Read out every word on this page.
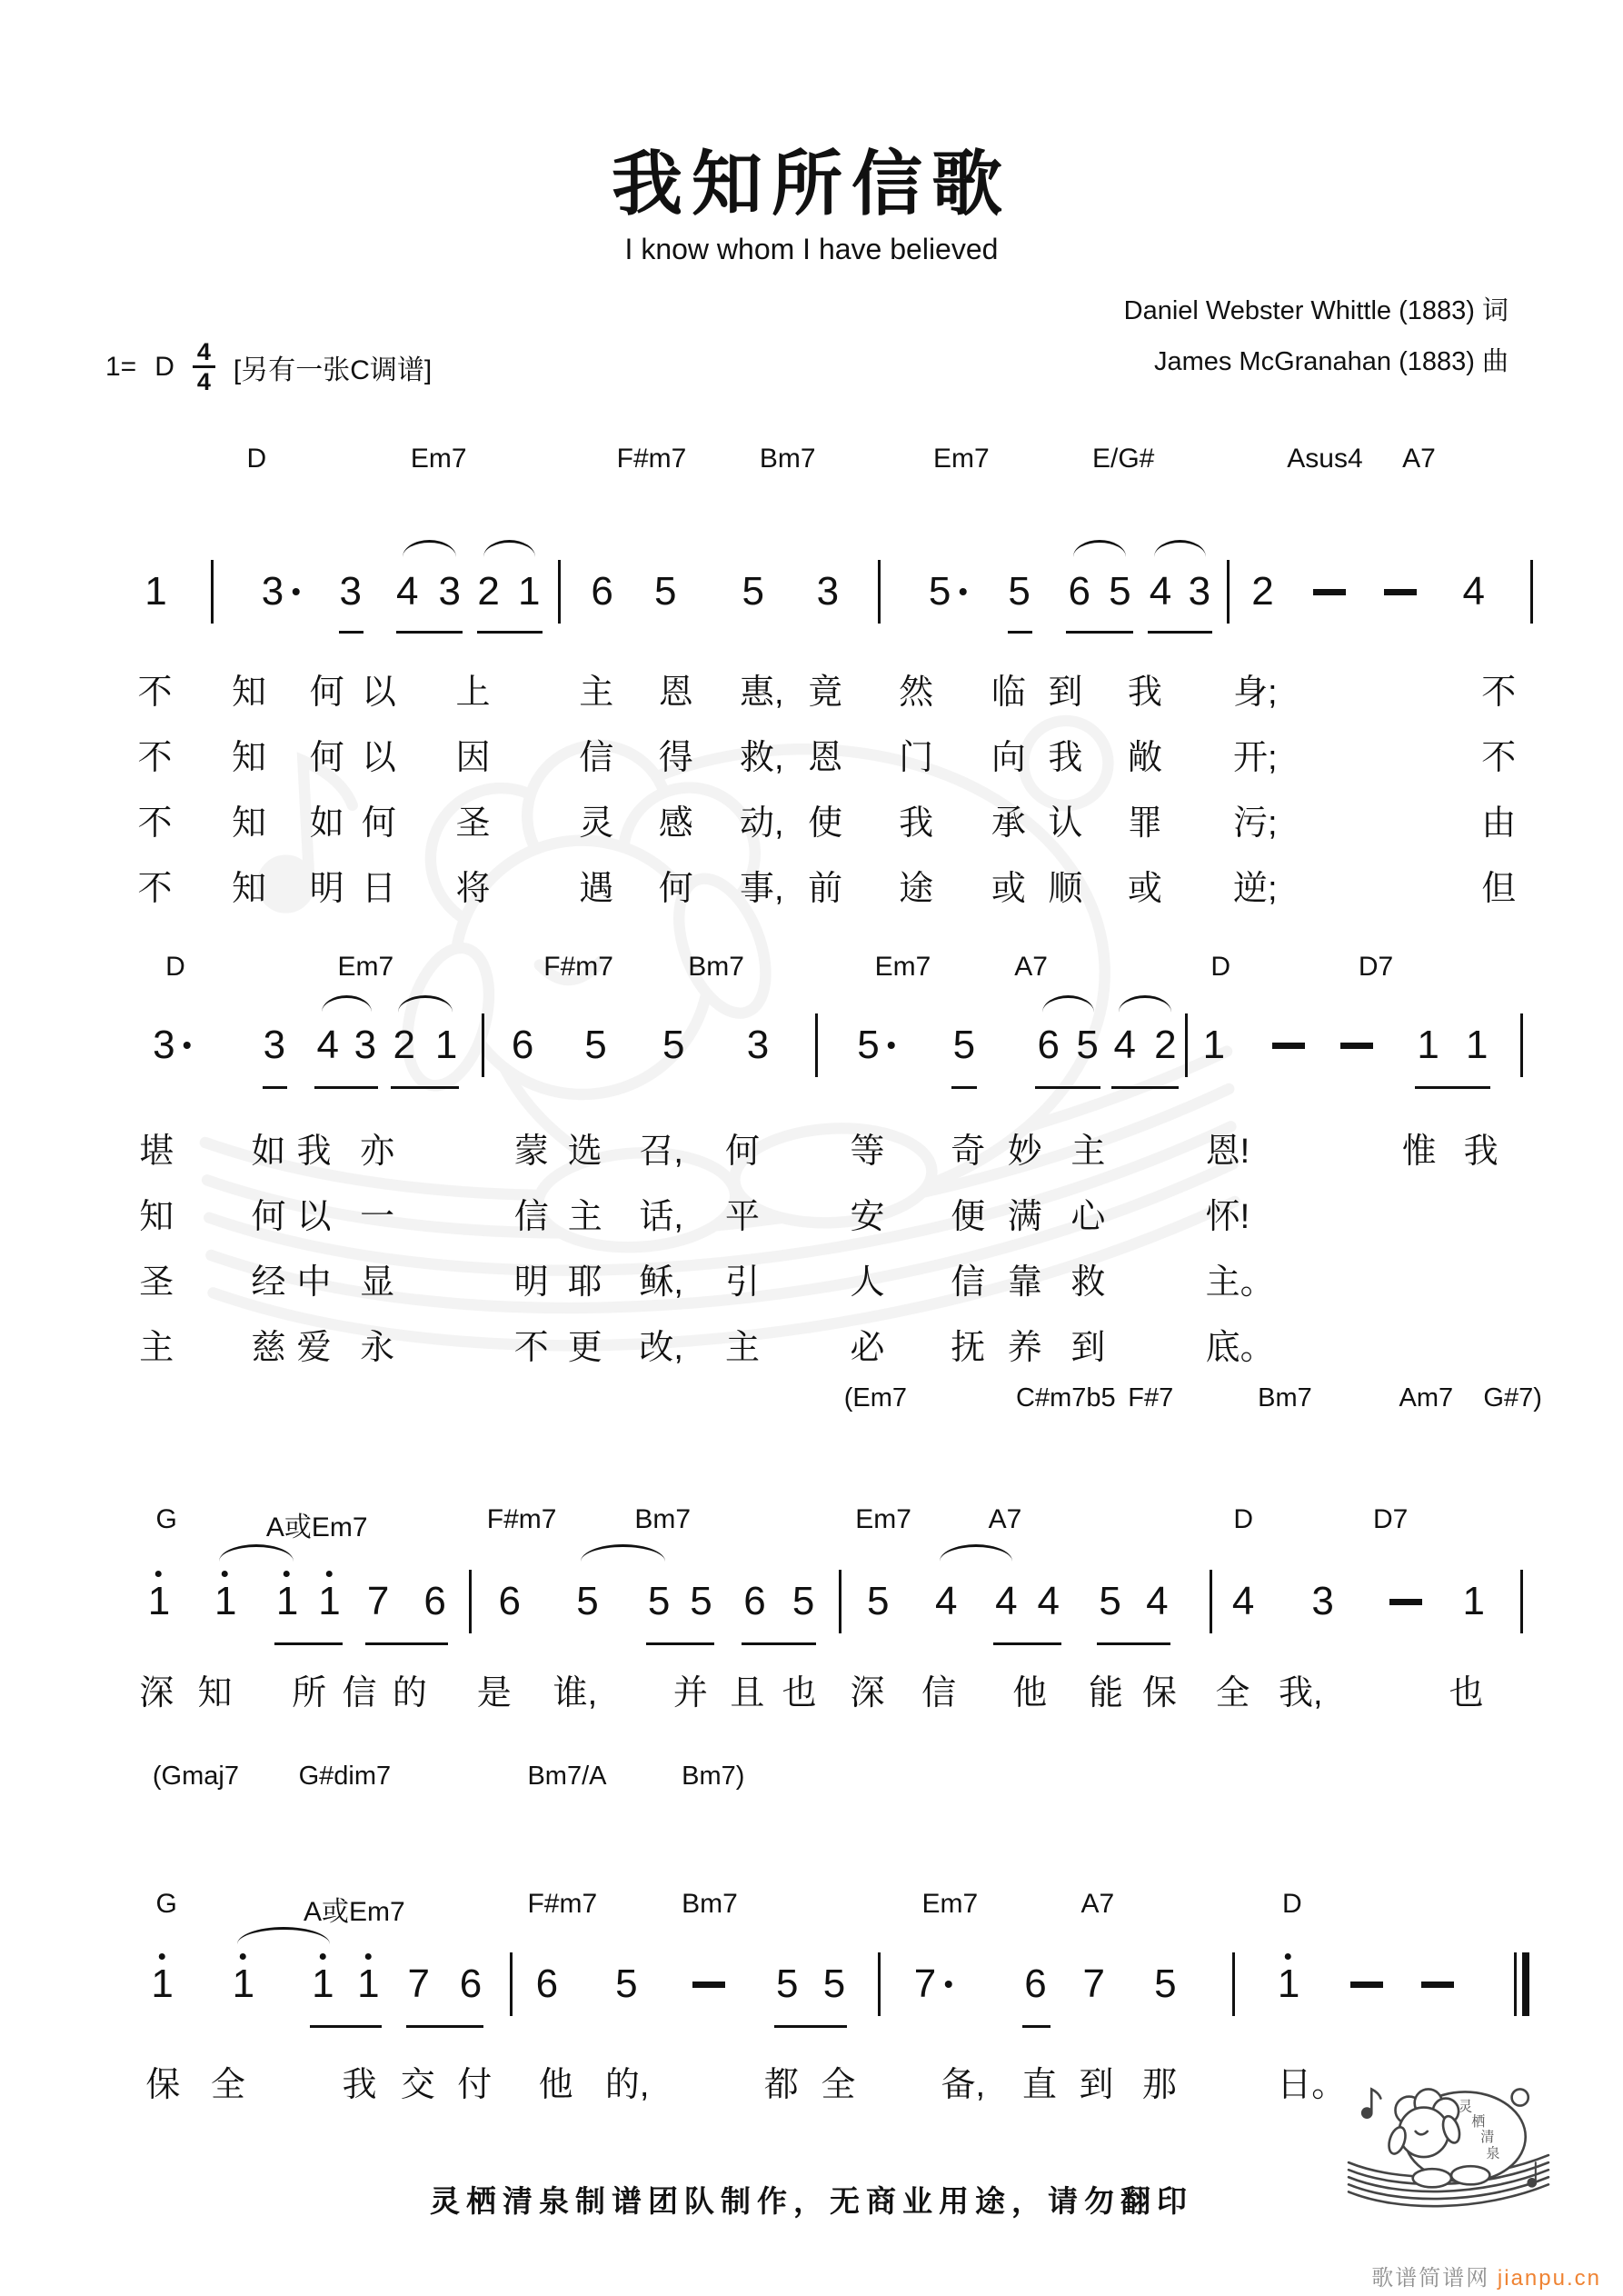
我知所信歌
I know whom I have believed
Daniel Webster Whittle (1883) 词
James McGranahan (1883) 曲
1= D $\frac{4}{4}$ [另有一张C调谱]
D	Em7	F#m7	Bm7	Em7	E/G#	Asus4 A7
1 3 3 4 3 2 1 6 5 5 3 5 5 6 5 4 3 2	4
不 知 何 以 上	主 恩 惠, 竟 然 临 到 我 身;	不
不 知 何 以 因	信 得 救, 恩 门 向 我 敞 开;	不
不 知 如 何 圣	灵 感 动, 使 我 承 认 罪 污;	由
不 知 明 日 将	遇 何 事, 前 途 或 顺 或 逆;	但
D	Em7	F#m7	Bm7	Em7	A7	D	D7
3 3 4 3 2 1 6 5 5 3 5 5 6 5 4 2 1	1 1
堪 如 我 亦	蒙 选 召, 何	等 奇 妙 主	恩!	惟 我
知 何 以 一	信 主 话, 平	安 便 满 心	怀!
圣 经 中 显	明 耶 稣, 引	人 信 靠 救	主。
主 慈 爱 永	不 更 改, 主	必 抚 养 到	底。
G	A或Em7	F#m7	Bm7	Em7	A7	D	D7
1 1 1 1 7 6 6 5 5 5 6 5 5 4 4 4 5 4 4 3	1
深 知 所 信 的 是 谁, 并 且 也 深 信 他 能 保 全 我,	也
G	A或Em7	F#m7	Bm7	Em7	A7	D
1 1 1 1 7 6 6 5	5 5 7 6 7 5	1
保 全	我 交 付 他 的,	都 全 备, 直 到 那	日。
(Em7	C#m7b5 F#7	Bm7	Am7 G#7)
(Gmaj7 G#dim7	Bm7/A	Bm7)
灵栖清泉制谱团队制作，无商业用途，请勿翻印
灵
栖
清
泉
歌谱简谱网 jianpu.cn
